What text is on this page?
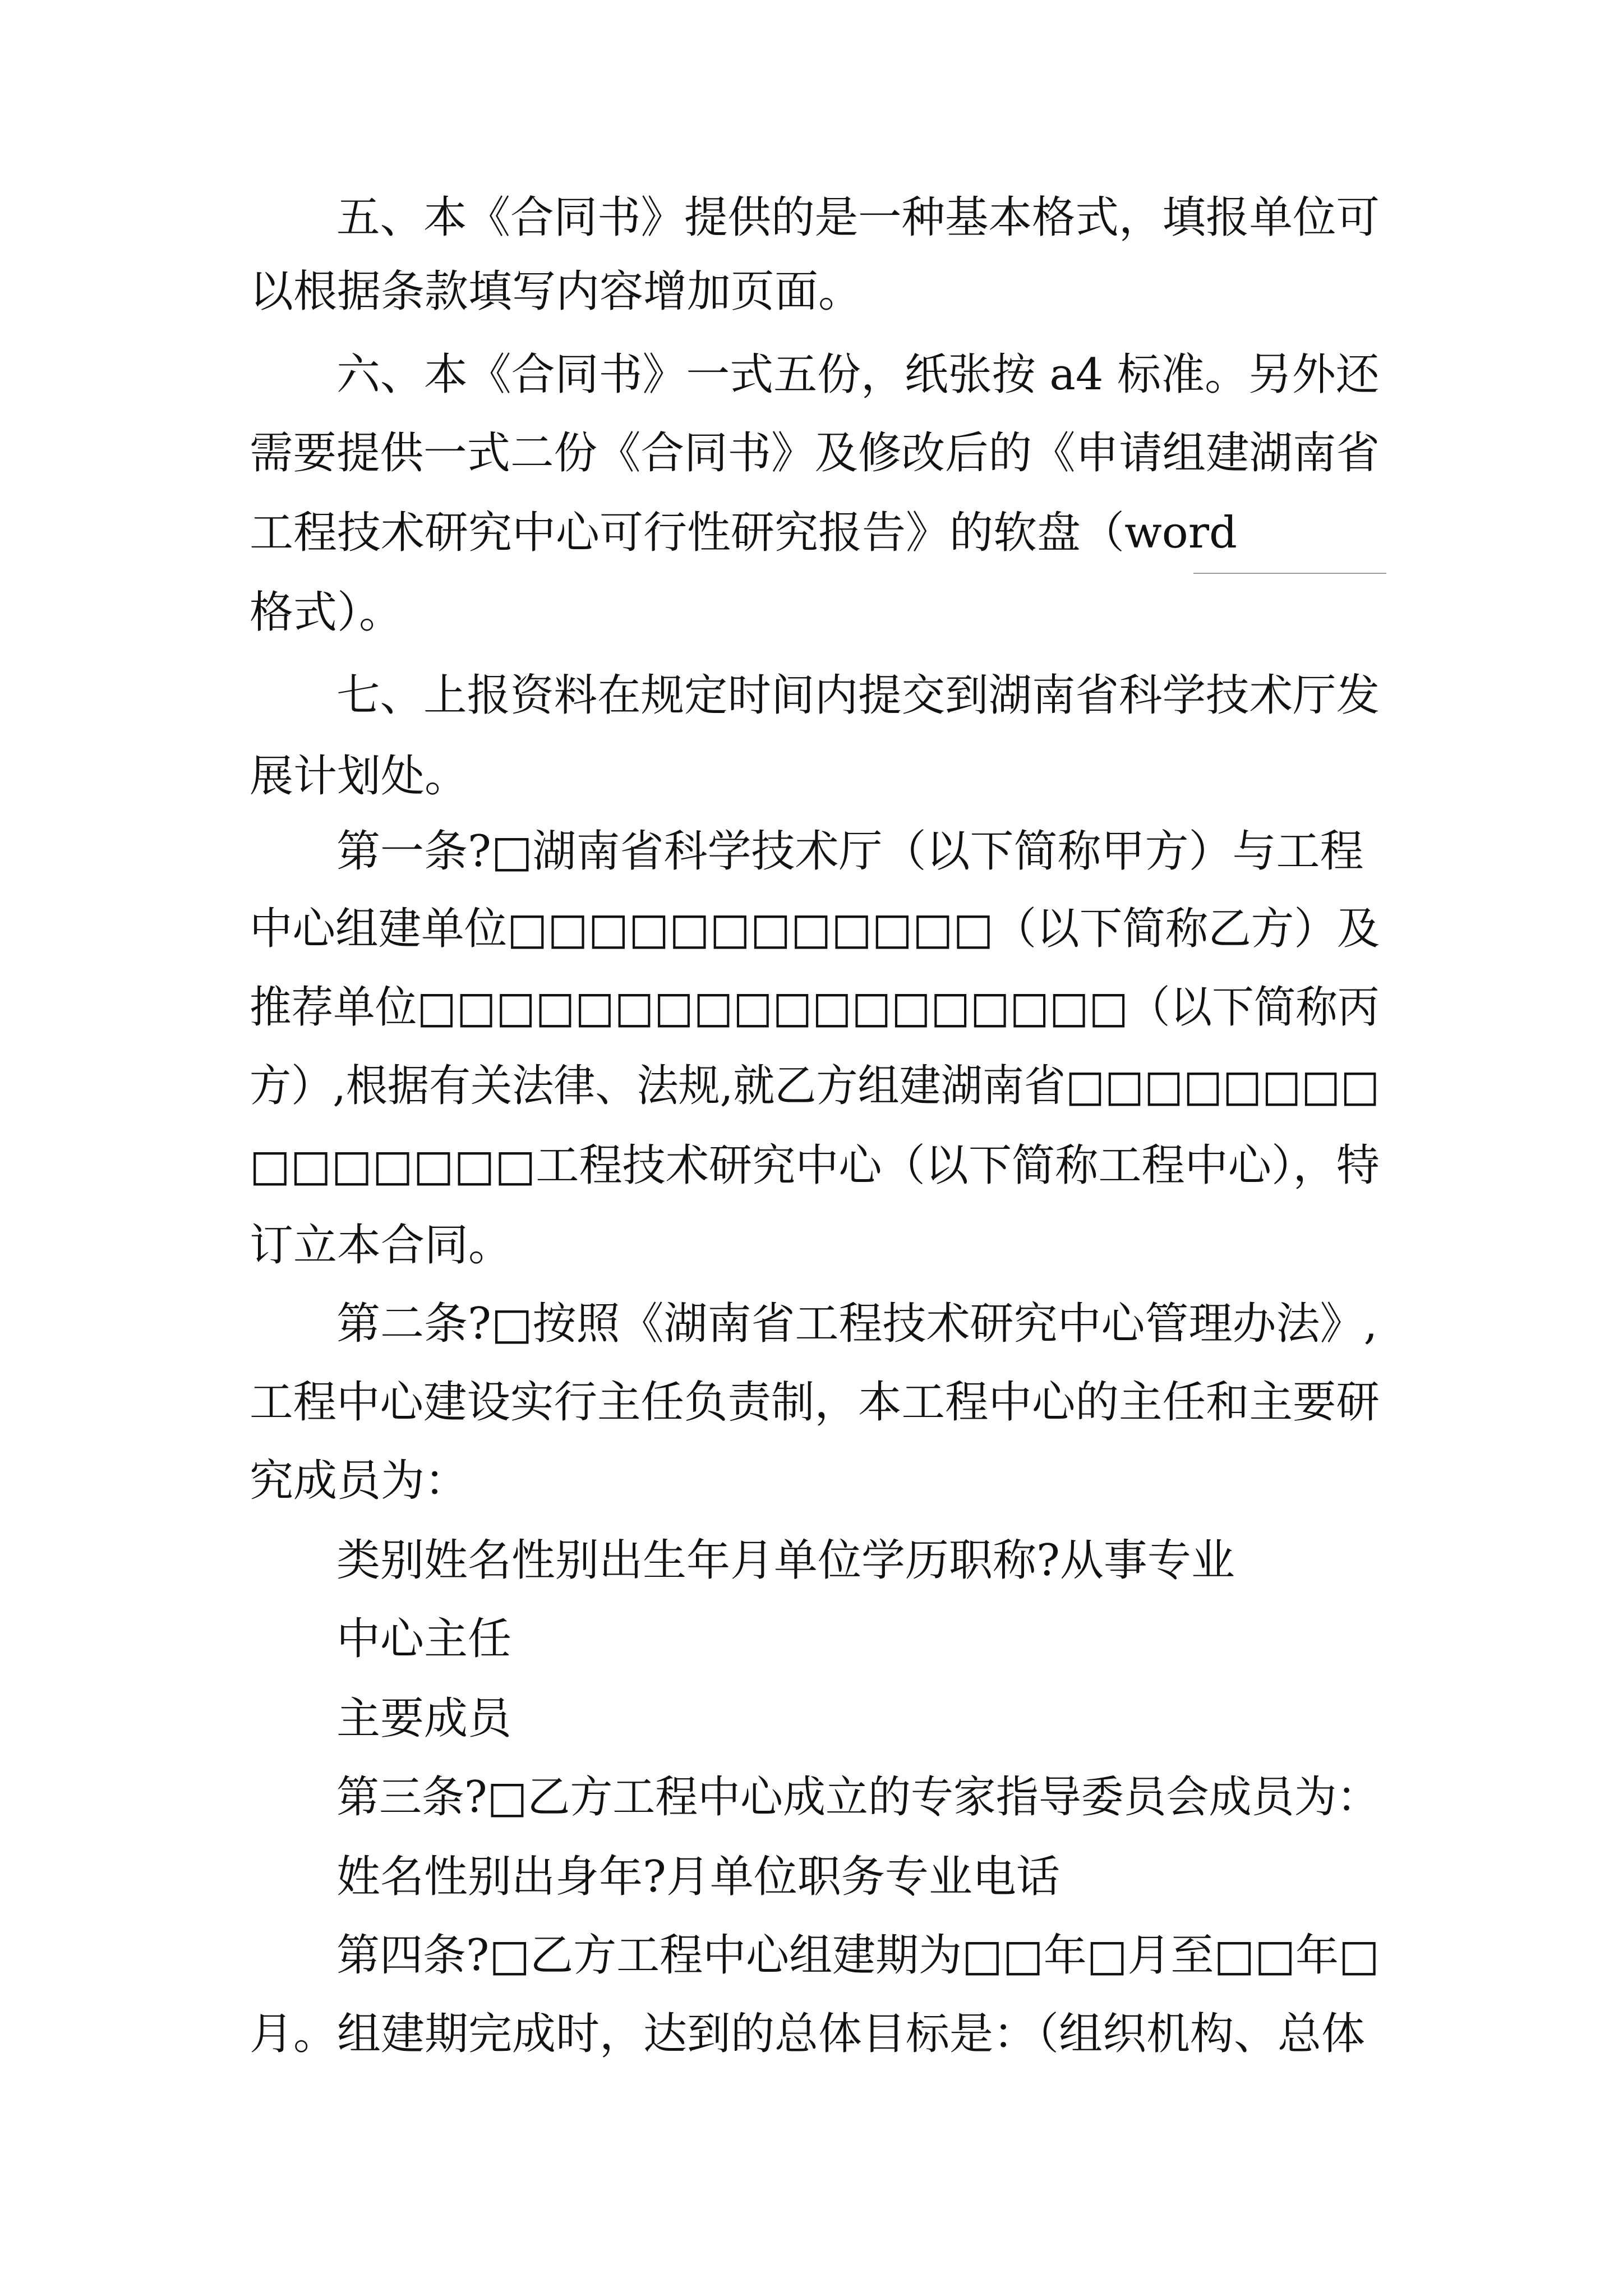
五、本《合同书》提供的是一种基本格式，填报单位可

以根据条款填写内容增加页面。

六、本《合同书》一式五份，纸张按 a4 标准。另外还

需要提供一式二份《合同书》及修改后的《申请组建湖南省

工程技术研究中心可行性研究报告》的软盘（word

格式）。

七、上报资料在规定时间内提交到湖南省科学技术厅发

展计划处。

第一条?□湖南省科学技术厅（以下简称甲方）与工程

中心组建单位□□□□□□□□□□□□（以下简称乙方）及

推荐单位□□□□□□□□□□□□□□□□□□（以下简称丙

方）,根据有关法律、法规,就乙方组建湖南省□□□□□□□□

□□□□□□□工程技术研究中心（以下简称工程中心），特

订立本合同。

第二条?□按照《湖南省工程技术研究中心管理办法》,

工程中心建设实行主任负责制，本工程中心的主任和主要研

究成员为：

类别姓名性别出生年月单位学历职称?从事专业

中心主任

主要成员

第三条?□乙方工程中心成立的专家指导委员会成员为：

姓名性别出身年?月单位职务专业电话

第四条?□乙方工程中心组建期为□□年□月至□□年□

月。组建期完成时，达到的总体目标是：（组织机构、总体
